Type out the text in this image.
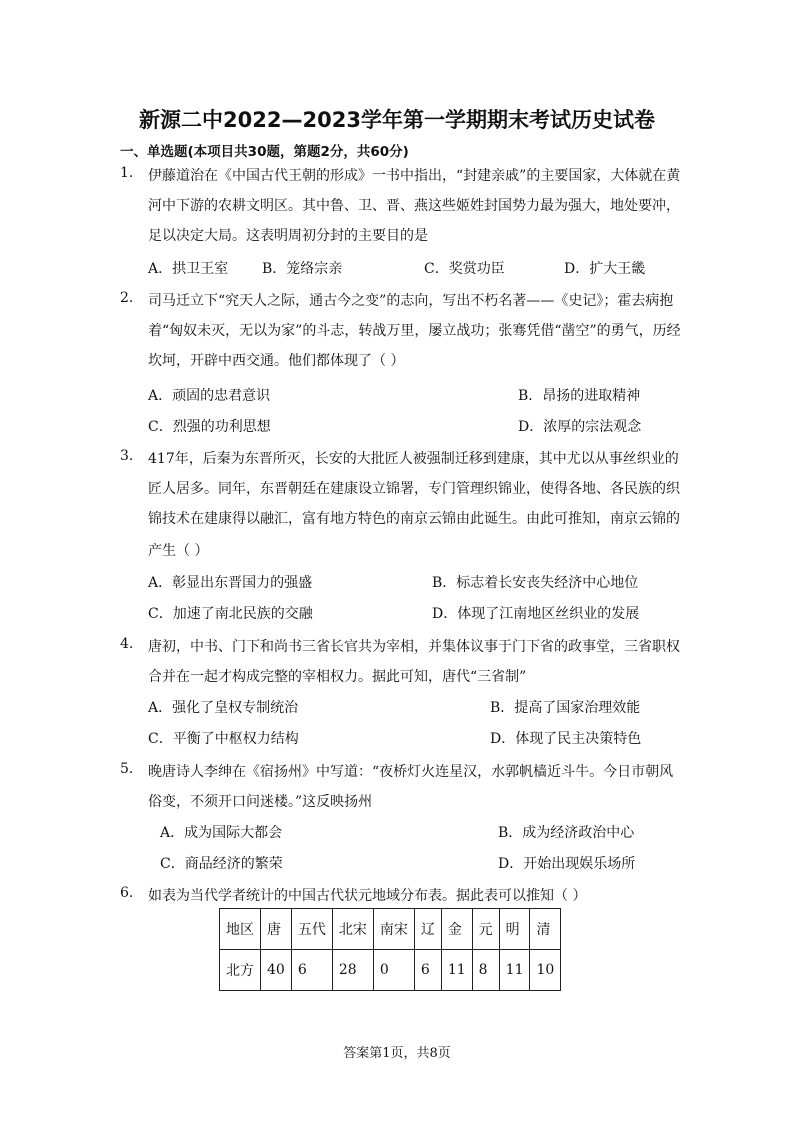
新源二中2022—2023学年第一学期期末考试历史试卷
一、单选题(本项目共30题，第题2分，共60分)
1. 伊藤道治在《中国古代王朝的形成》一书中指出，“封建亲戚”的主要国家，大体就在黄
河中下游的农耕文明区。其中鲁、卫、晋、燕这些姬姓封国势力最为强大，地处要冲，
足以决定大局。这表明周初分封的主要目的是
A．拱卫王室 B．笼络宗亲	C．奖赏功臣	D．扩大王畿
2. 司马迁立下“究天人之际，通古今之变”的志向，写出不朽名著——《史记》；霍去病抱
着“匈奴未灭，无以为家”的斗志，转战万里，屡立战功；张骞凭借“凿空”的勇气，历经
坎坷，开辟中西交通。他们都体现了（ ）
A．顽固的忠君意识	B．昂扬的进取精神
C．烈强的功利思想	D．浓厚的宗法观念
3. 417年，后秦为东晋所灭，长安的大批匠人被强制迁移到建康，其中尤以从事丝织业的
匠人居多。同年，东晋朝廷在建康设立锦署，专门管理织锦业，使得各地、各民族的织
锦技术在建康得以融汇，富有地方特色的南京云锦由此诞生。由此可推知，南京云锦的
产生（ ）
A．彰显出东晋国力的强盛	B．标志着长安丧失经济中心地位
C．加速了南北民族的交融	D．体现了江南地区丝织业的发展
4. 唐初，中书、门下和尚书三省长官共为宰相，并集体议事于门下省的政事堂，三省职权
合并在一起才构成完整的宰相权力。据此可知，唐代“三省制”
A．强化了皇权专制统治	B．提高了国家治理效能
C．平衡了中枢权力结构	D．体现了民主决策特色
5. 晚唐诗人李绅在《宿扬州》中写道：“夜桥灯火连星汉，水郭帆樯近斗牛。今日市朝风
俗变，不须开口问迷楼。”这反映扬州
A．成为国际大都会	B．成为经济政治中心
C．商品经济的繁荣	D．开始出现娱乐场所
6. 如表为当代学者统计的中国古代状元地域分布表。据此表可以推知（ ）
地区	唐	五代	北宋	南宋	辽	金	元	明	清
北方	40	6	28	0	6	11	8	11	10
答案第1页，共8页
